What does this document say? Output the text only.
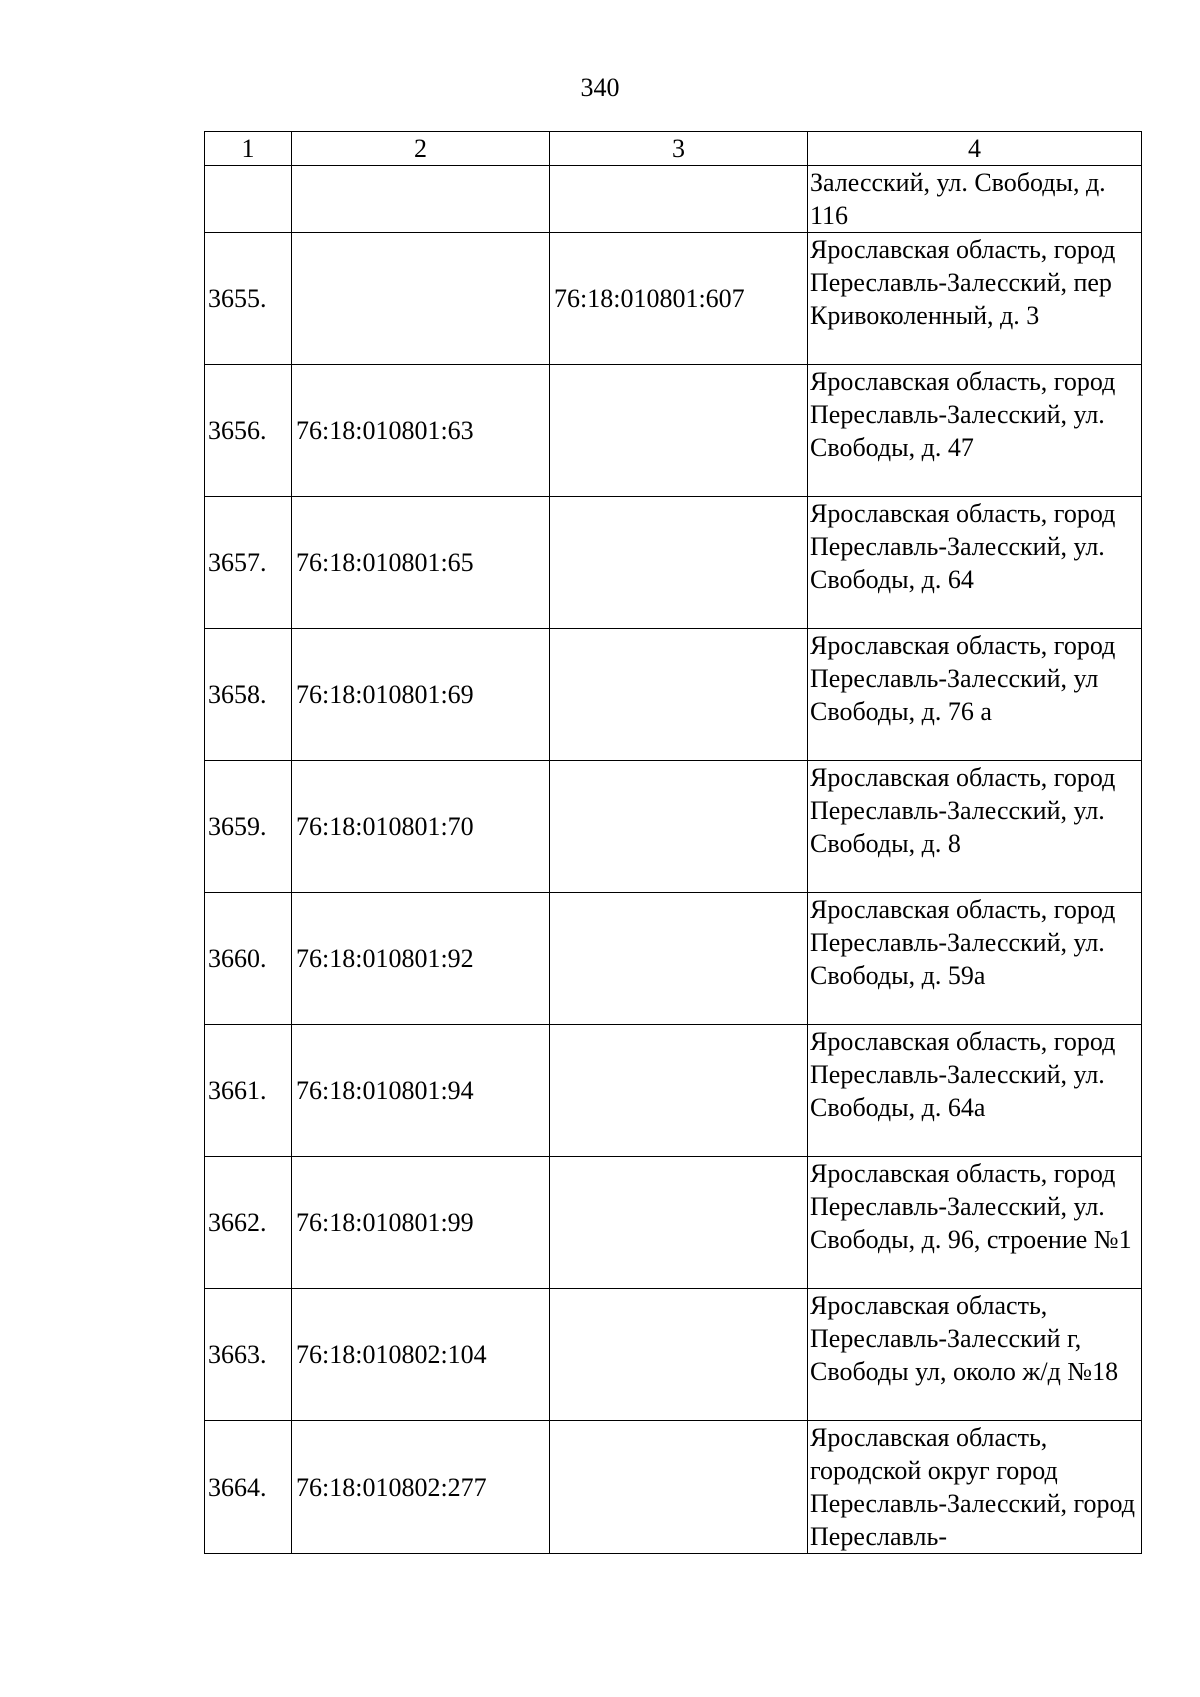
340
1	2	3	4
			Залесский, ул. Свободы, д. 116
3655.		76:18:010801:607	Ярославская область, город Переславль-Залесский, пер Кривоколенный, д. 3
3656.	76:18:010801:63		Ярославская область, город Переславль-Залесский, ул. Свободы, д. 47
3657.	76:18:010801:65		Ярославская область, город Переславль-Залесский, ул. Свободы, д. 64
3658.	76:18:010801:69		Ярославская область, город Переславль-Залесский, ул Свободы, д. 76 а
3659.	76:18:010801:70		Ярославская область, город Переславль-Залесский, ул. Свободы, д. 8
3660.	76:18:010801:92		Ярославская область, город Переславль-Залесский, ул. Свободы, д. 59а
3661.	76:18:010801:94		Ярославская область, город Переславль-Залесский, ул. Свободы, д. 64а
3662.	76:18:010801:99		Ярославская область, город Переславль-Залесский, ул. Свободы, д. 96, строение №1
3663.	76:18:010802:104		Ярославская область, Переславль-Залесский г, Свободы ул, около ж/д №18
3664.	76:18:010802:277		Ярославская область, городской округ город Переславль-Залесский, город Переславль-
